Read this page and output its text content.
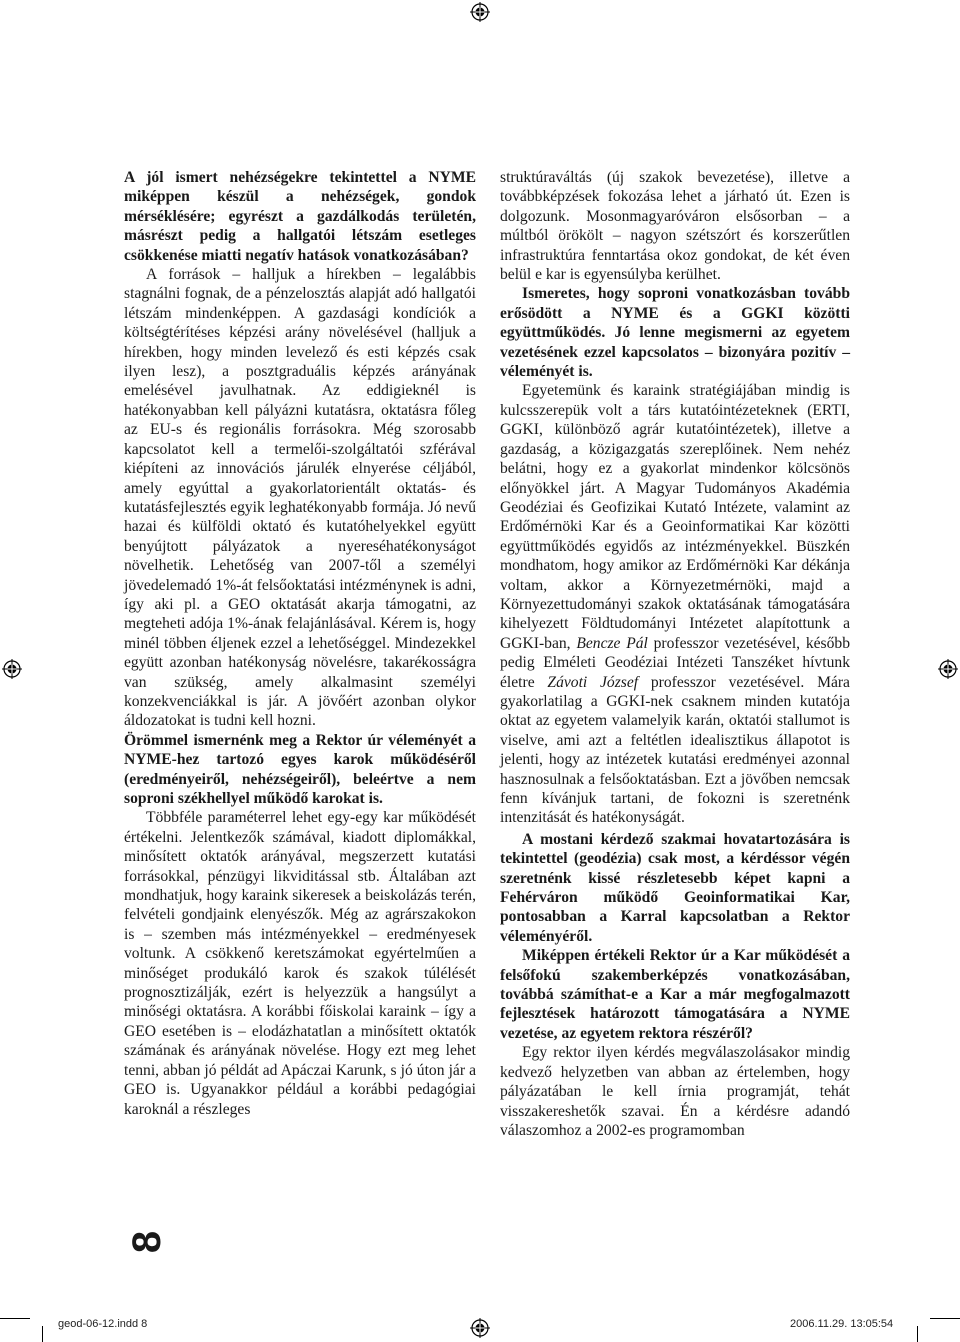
A jól ismert nehézségekre tekintettel a NYME miképpen készül a nehézségek, gondok mérséklésére; egyrészt a gazdálkodás területén, másrészt pedig a hallgatói létszám esetleges csökkenése miatti negatív hatások vonatkozásában?

A források – halljuk a hírekben – legalábbis stagnálni fognak, de a pénzelosztás alapját adó hallgatói létszám mindenképpen. A gazdasági kondíciók a költségtérítéses képzési arány növelésével (halljuk a hírekben, hogy minden levelező és esti képzés csak ilyen lesz), a posztgraduális képzés arányának emelésével javulhatnak. Az eddigieknél is hatékonyabban kell pályázni kutatásra, oktatásra főleg az EU-s és regionális forrásokra. Még szorosabb kapcsolatot kell a termelői-szolgáltatói szférával kiépíteni az innovációs járulék elnyerése céljából, amely egyúttal a gyakorlatorientált oktatás- és kutatásfejlesztés egyik leghatékonyabb formája. Jó nevű hazai és külföldi oktató és kutatóhelyekkel együtt benyújtott pályázatok a nyereséhatékonyságot növelhetik. Lehetőség van 2007-től a személyi jövedelemadó 1%-át felsőoktatási intézménynek is adni, így aki pl. a GEO oktatását akarja támogatni, az megteheti adója 1%-ának felajánlásával. Kérem is, hogy minél többen éljenek ezzel a lehetőséggel. Mindezekkel együtt azonban hatékonyság növelésre, takarékosságra van szükség, amely alkalmasint személyi konzekvenciákkal is jár. A jövőért azonban olykor áldozatokat is tudni kell hozni.

Örömmel ismernénk meg a Rektor úr véleményét a NYME-hez tartozó egyes karok működéséről (eredményeiről, nehézségeiről), beleértve a nem soproni székhellyel működő karokat is.

Többféle paraméterrel lehet egy-egy kar működését értékelni. Jelentkezők számával, kiadott diplomákkal, minősített oktatók arányával, megszerzett kutatási forrásokkal, pénzügyi likviditással stb. Általában azt mondhatjuk, hogy karaink sikeresek a beiskolázás terén, felvételi gondjaink elenyészők. Még az agrárszakokon is – szemben más intézményekkel – eredményesek voltunk. A csökkenő keretszámokat egyértelműen a minőséget produkáló karok és szakok túlélését prognosztizálják, ezért is helyezzük a hangsúlyt a minőségi oktatásra. A korábbi főiskolai karaink – így a GEO esetében is – elodázhatatlan a minősített oktatók számának és arányának növelése. Hogy ezt meg lehet tenni, abban jó példát ad Apáczai Karunk, s jó úton jár a GEO is. Ugyanakkor például a korábbi pedagógiai karoknál a részleges

struktúraváltás (új szakok bevezetése), illetve a továbbképzések fokozása lehet a járható út. Ezen is dolgozunk. Mosonmagyaróváron elsősorban – a múltból örökölt – nagyon szétszórt és korszerűtlen infrastruktúra fenntartása okoz gondokat, de két éven belül e kar is egyensúlyba kerülhet.

Ismeretes, hogy soproni vonatkozásban tovább erősödött a NYME és a GGKI közötti együttműködés. Jó lenne megismerni az egyetem vezetésének ezzel kapcsolatos – bizonyára pozitív – véleményét is.

Egyetemünk és karaink stratégiájában mindig is kulcsszerepük volt a társ kutatóintézeteknek (ERTI, GGKI, különböző agrár kutatóintézetek), illetve a gazdaság, a közigazgatás szereplőinek. Nem nehéz belátni, hogy ez a gyakorlat mindenkor kölcsönös előnyökkel járt. A Magyar Tudományos Akadémia Geodéziai és Geofizikai Kutató Intézete, valamint az Erdőmérnöki Kar és a Geoinformatikai Kar közötti együttműködés egyidős az intézményekkel. Büszkén mondhatom, hogy amikor az Erdőmérnöki Kar dékánja voltam, akkor a Környezetmérnöki, majd a Környezettudományi szakok oktatásának támogatására kihelyezett Földtudományi Intézetet alapítottunk a GGKI-ban, Bencze Pál professzor vezetésével, később pedig Elméleti Geodéziai Intézeti Tanszéket hívtunk életre Závoti József professzor vezetésével. Mára gyakorlatilag a GGKI-nek csaknem minden kutatója oktat az egyetem valamelyik karán, oktatói stallumot is viselve, ami azt a feltétlen idealisztikus állapotot is jelenti, hogy az intézetek kutatási eredményei azonnal hasznosulnak a felsőoktatásban. Ezt a jövőben nemcsak fenn kívánjuk tartani, de fokozni is szeretnénk intenzitását és hatékonyságát.

A mostani kérdező szakmai hovatartozására is tekintettel (geodézia) csak most, a kérdéssor végén szeretnénk kissé részletesebb képet kapni a Fehérváron működő Geoinformatikai Kar, pontosabban a Karral kapcsolatban a Rektor véleményéről.

Miképpen értékeli Rektor úr a Kar működését a felsőfokú szakemberképzés vonatkozásában, továbbá számíthat-e a Kar a már megfogalmazott fejlesztések határozott támogatására a NYME vezetése, az egyetem rektora részéről?

Egy rektor ilyen kérdés megválaszolásakor mindig kedvező helyzetben van abban az értelemben, hogy pályázatában le kell írnia programját, tehát visszakereshetők szavai. Én a kérdésre adandó válaszomhoz a 2002-es programomban

8
geod-06-12.indd 8	2006.11.29. 13:05:54
